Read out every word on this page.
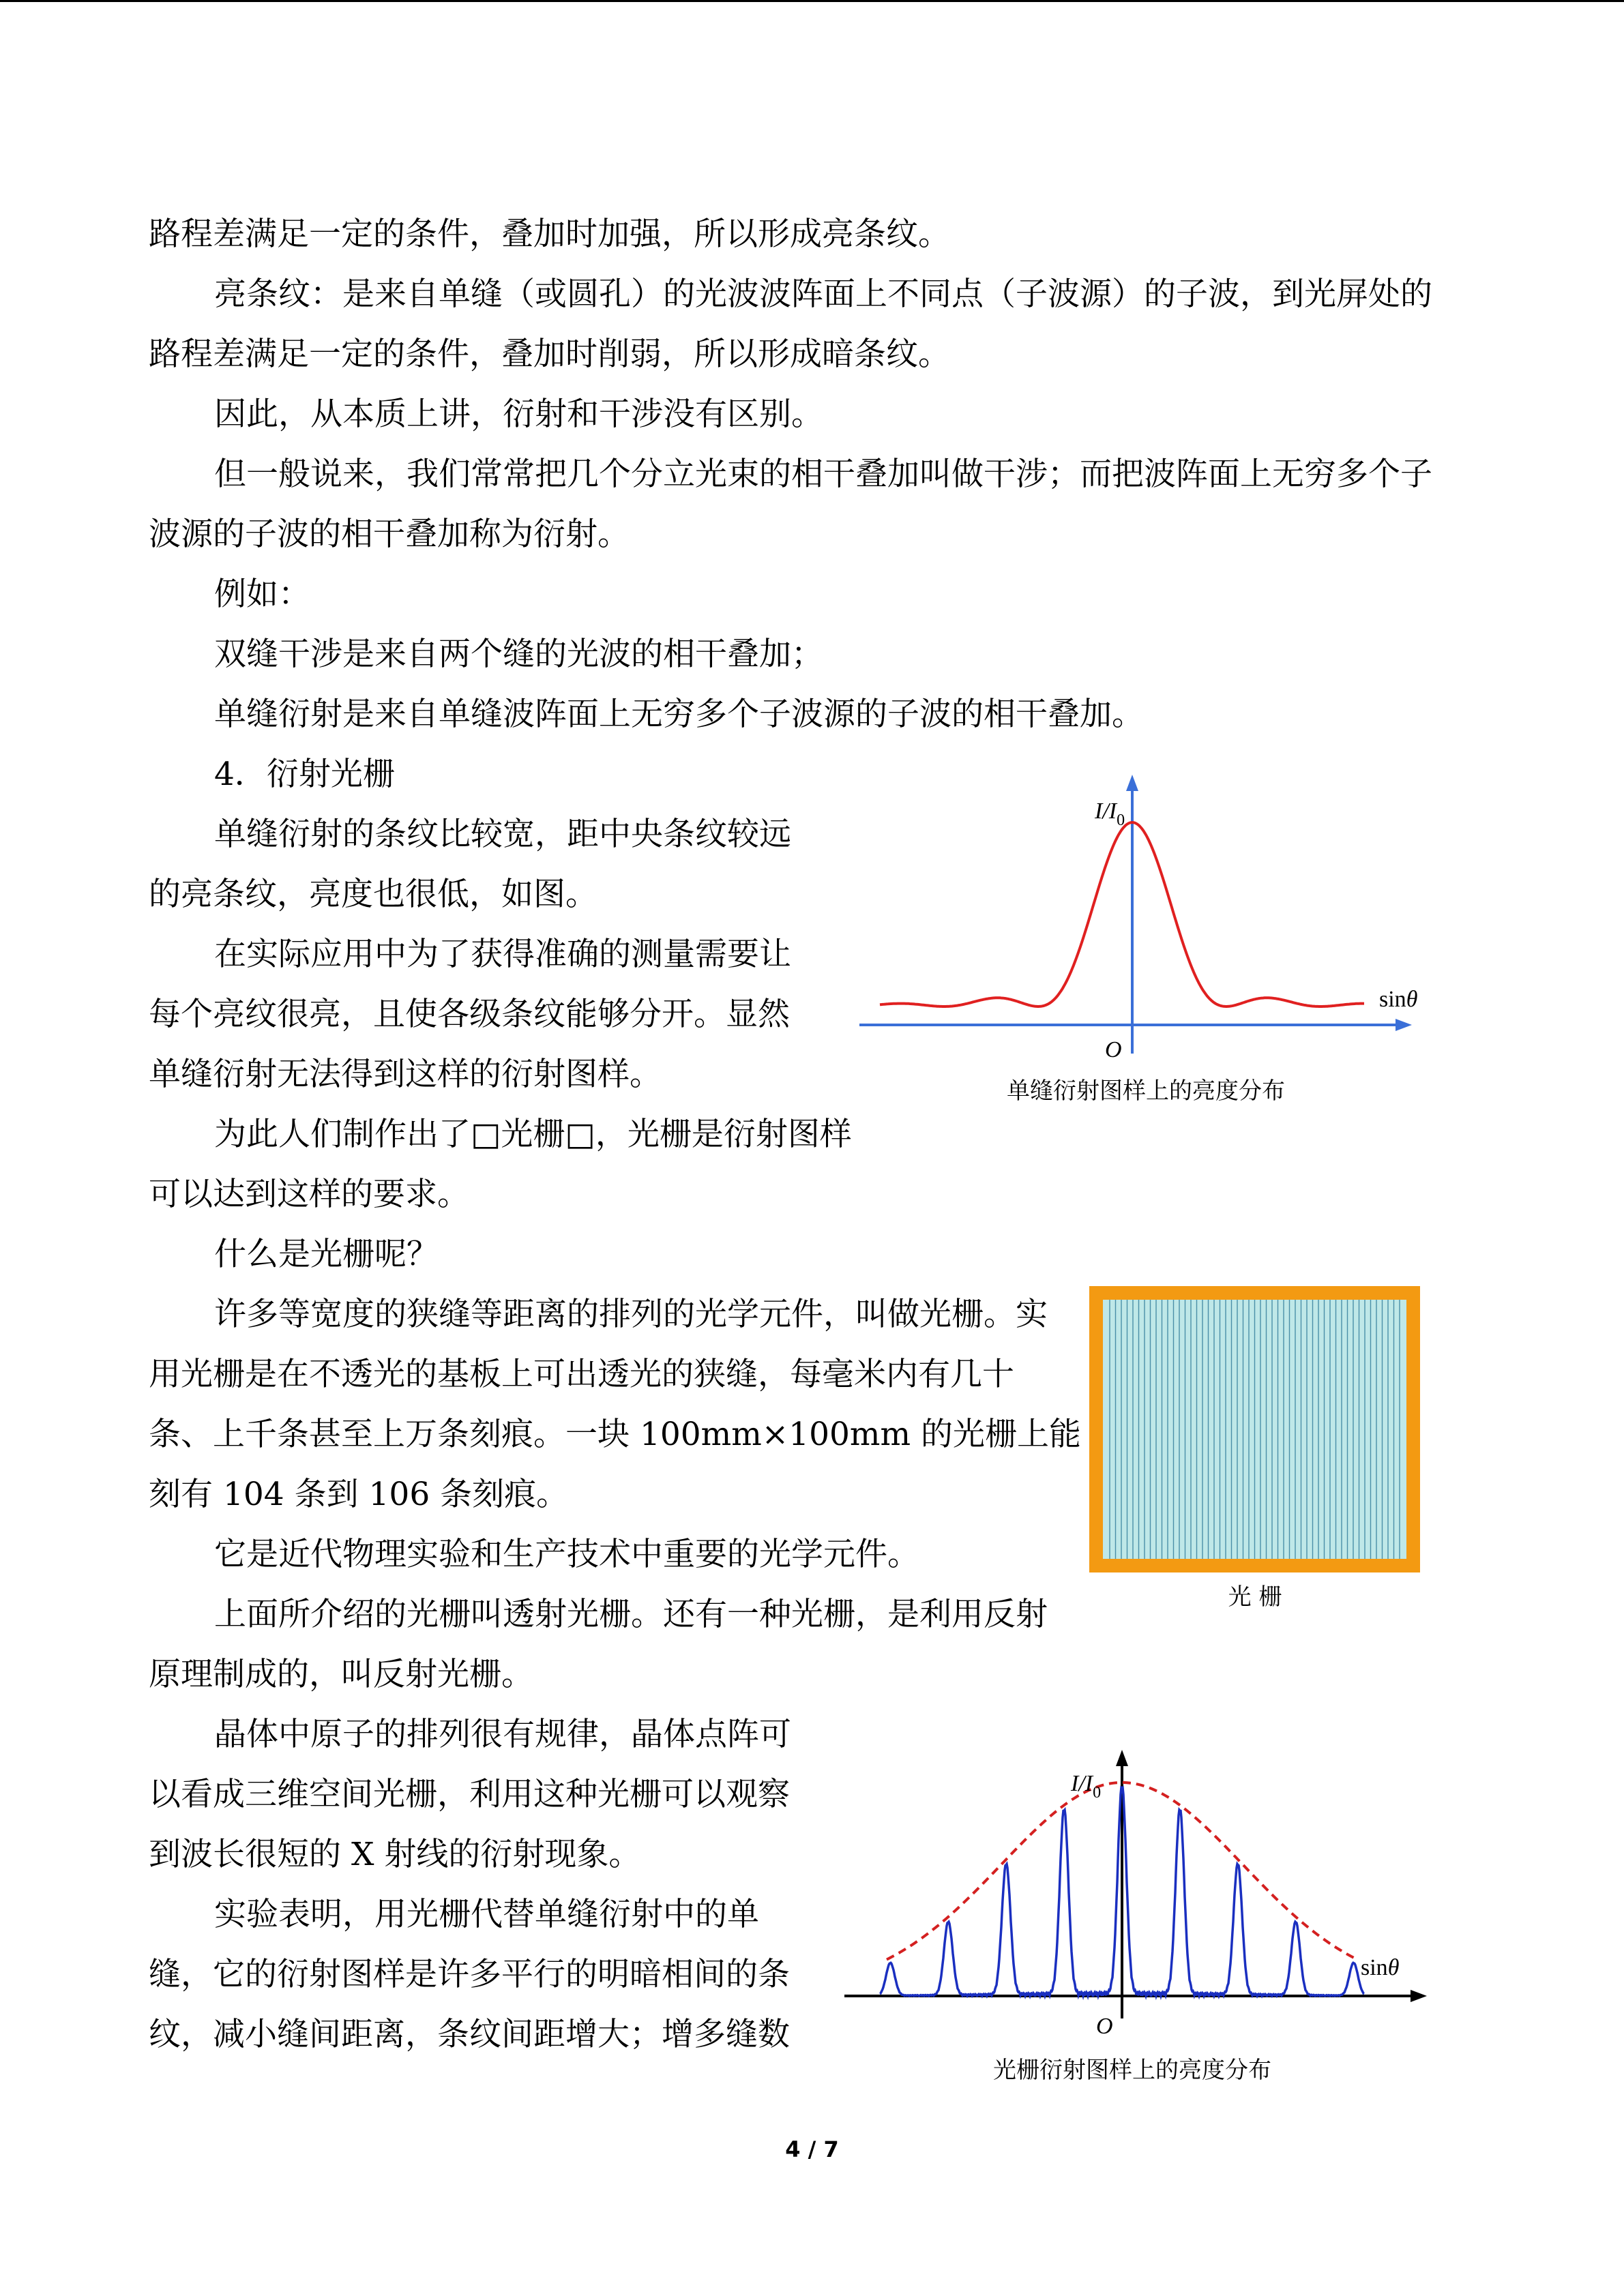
路程差满足一定的条件，叠加时加强，所以形成亮条纹。

亮条纹：是来自单缝（或圆孔）的光波波阵面上不同点（子波源）的子波，到光屏处的

路程差满足一定的条件，叠加时削弱，所以形成暗条纹。

因此，从本质上讲，衍射和干涉没有区别。

但一般说来，我们常常把几个分立光束的相干叠加叫做干涉；而把波阵面上无穷多个子

波源的子波的相干叠加称为衍射。

例如：

双缝干涉是来自两个缝的光波的相干叠加；

单缝衍射是来自单缝波阵面上无穷多个子波源的子波的相干叠加。

4．衍射光栅

单缝衍射的条纹比较宽，距中央条纹较远

的亮条纹，亮度也很低，如图。

在实际应用中为了获得准确的测量需要让

每个亮纹很亮，且使各级条纹能够分开。显然

单缝衍射无法得到这样的衍射图样。

为此人们制作出了□光栅□，光栅是衍射图样

可以达到这样的要求。

什么是光栅呢？

许多等宽度的狭缝等距离的排列的光学元件，叫做光栅。实

用光栅是在不透光的基板上可出透光的狭缝，每毫米内有几十

条、上千条甚至上万条刻痕。一块 100mm×100mm 的光栅上能

刻有 104 条到 106 条刻痕。

它是近代物理实验和生产技术中重要的光学元件。

上面所介绍的光栅叫透射光栅。还有一种光栅，是利用反射

原理制成的，叫反射光栅。

晶体中原子的排列很有规律，晶体点阵可

以看成三维空间光栅，利用这种光栅可以观察

到波长很短的 X 射线的衍射现象。

实验表明，用光栅代替单缝衍射中的单

缝，它的衍射图样是许多平行的明暗相间的条

纹，减小缝间距离，条纹间距增大；增多缝数

$I/I_0$
sinθ
O
单缝衍射图样上的亮度分布
光 栅
$I/I_0$
sinθ
O
光栅衍射图样上的亮度分布
4 / 7
